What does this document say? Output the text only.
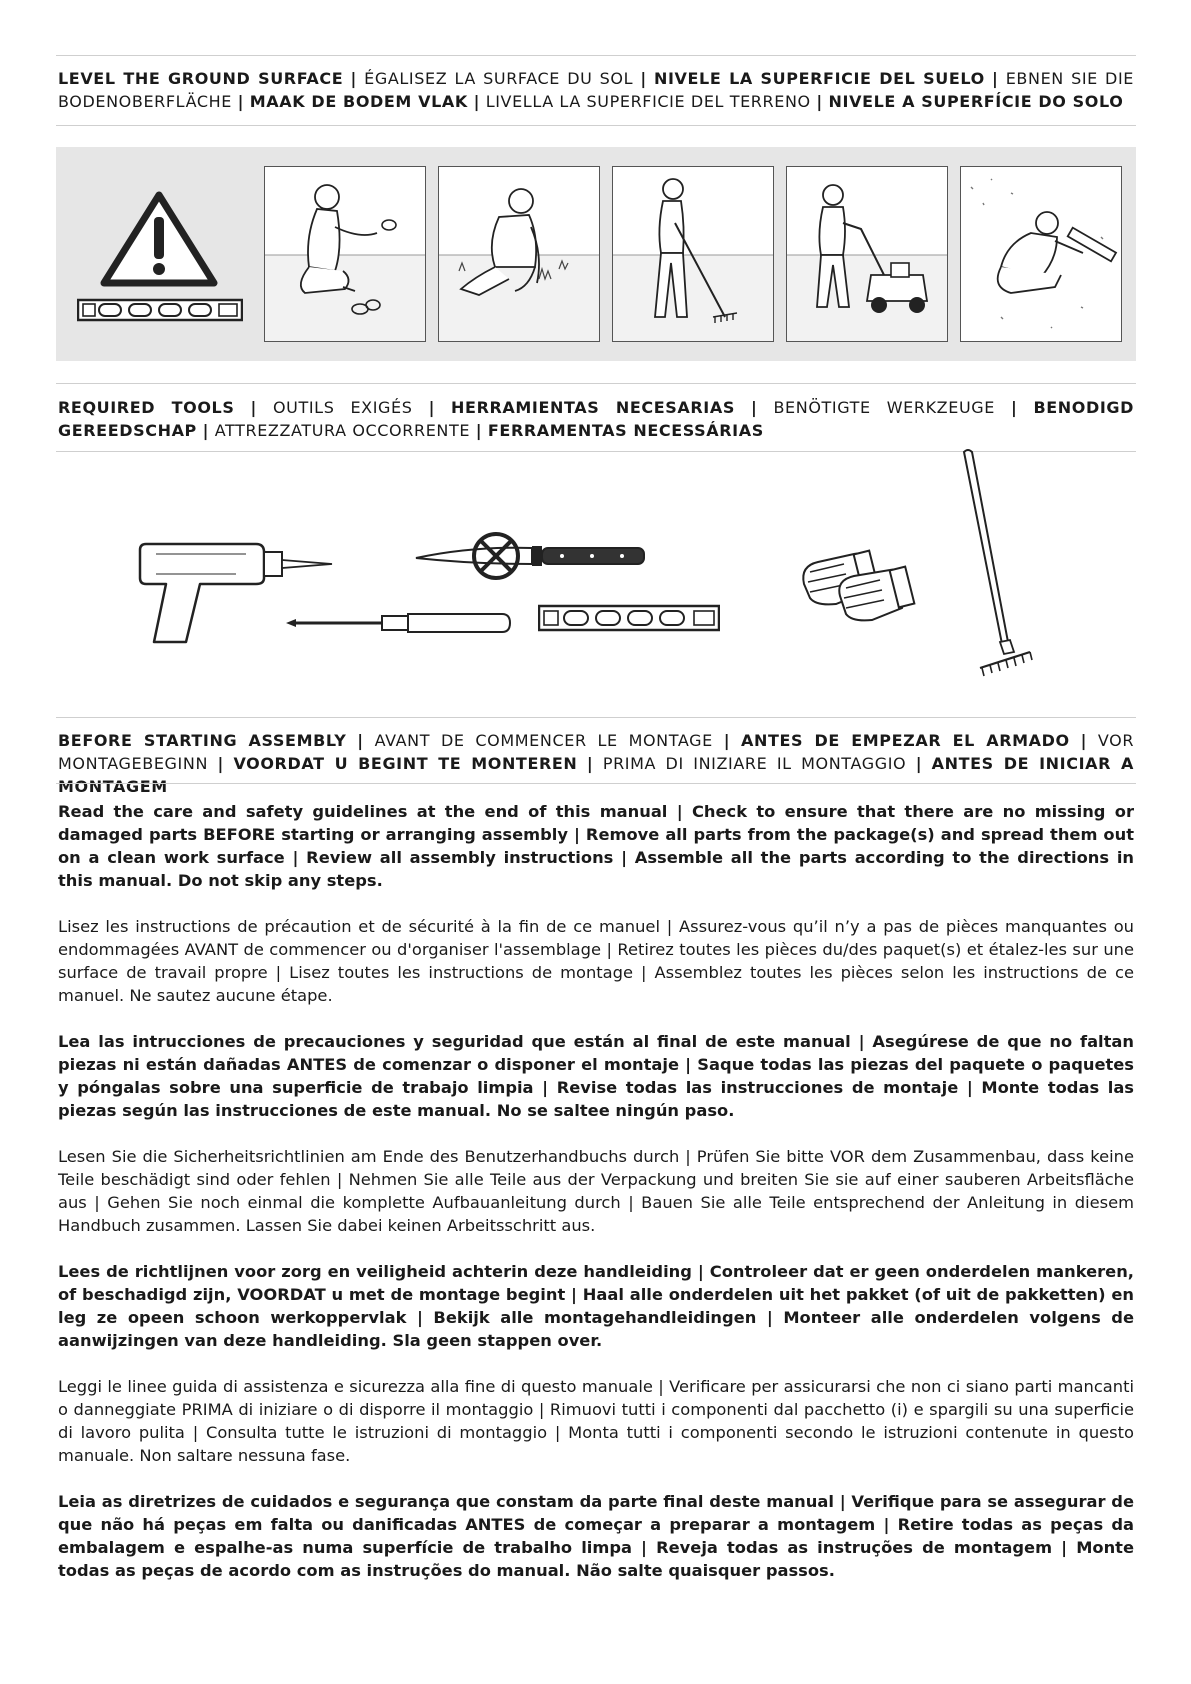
LEVEL THE GROUND SURFACE | ÉGALISEZ LA SURFACE DU SOL | NIVELE LA SUPERFICIE DEL SUELO | EBNEN SIE DIE BODENOBERFLÄCHE | MAAK DE BODEM VLAK | LIVELLA LA SUPERFICIE DEL TERRENO | NIVELE A SUPERFÍCIE DO SOLO
REQUIRED TOOLS | OUTILS EXIGÉS | HERRAMIENTAS NECESARIAS | BENÖTIGTE WERKZEUGE | BENODIGD GEREEDSCHAP | ATTREZZATURA OCCORRENTE | FERRAMENTAS NECESSÁRIAS
BEFORE STARTING ASSEMBLY | AVANT DE COMMENCER LE MONTAGE | ANTES DE EMPEZAR EL ARMADO | VOR MONTAGEBEGINN | VOORDAT U BEGINT TE MONTEREN | PRIMA DI INIZIARE IL MONTAGGIO | ANTES DE INICIAR A MONTAGEM

Read the care and safety guidelines at the end of this manual | Check to ensure that there are no missing or damaged parts BEFORE starting or arranging assembly | Remove all parts from the package(s) and spread them out on a clean work surface | Review all assembly instructions | Assemble all the parts according to the directions in this manual. Do not skip any steps.

Lisez les instructions de précaution et de sécurité à la fin de ce manuel | Assurez-vous qu’il n’y a pas de pièces manquantes ou endommagées AVANT de commencer ou d'organiser l'assemblage | Retirez toutes les pièces du/des paquet(s) et étalez-les sur une surface de travail propre | Lisez toutes les instructions de montage | Assemblez toutes les pièces selon les instructions de ce manuel. Ne sautez aucune étape.

Lea las intrucciones de precauciones y seguridad que están al final de este manual | Asegúrese de que no faltan piezas ni están dañadas ANTES de comenzar o disponer el montaje | Saque todas las piezas del paquete o paquetes y póngalas sobre una superficie de trabajo limpia | Revise todas las instrucciones de montaje | Monte todas las piezas según las instrucciones de este manual. No se saltee ningún paso.

Lesen Sie die Sicherheitsrichtlinien am Ende des Benutzerhandbuchs durch | Prüfen Sie bitte VOR dem Zusammenbau, dass keine Teile beschädigt sind oder fehlen | Nehmen Sie alle Teile aus der Verpackung und breiten Sie sie auf einer sauberen Arbeitsfläche aus | Gehen Sie noch einmal die komplette Aufbauanleitung durch | Bauen Sie alle Teile entsprechend der Anleitung in diesem Handbuch zusammen. Lassen Sie dabei keinen Arbeitsschritt aus.

Lees de richtlijnen voor zorg en veiligheid achterin deze handleiding | Controleer dat er geen onderdelen mankeren, of beschadigd zijn, VOORDAT u met de montage begint | Haal alle onderdelen uit het pakket (of uit de pakketten) en leg ze opeen schoon werkoppervlak | Bekijk alle montagehandleidingen | Monteer alle onderdelen volgens de aanwijzingen van deze handleiding. Sla geen stappen over.

Leggi le linee guida di assistenza e sicurezza alla fine di questo manuale | Verificare per assicurarsi che non ci siano parti mancanti o danneggiate PRIMA di iniziare o di disporre il montaggio | Rimuovi tutti i componenti dal pacchetto (i) e spargili su una superficie di lavoro pulita | Consulta tutte le istruzioni di montaggio | Monta tutti i componenti secondo le istruzioni contenute in questo manuale. Non saltare nessuna fase.

Leia as diretrizes de cuidados e segurança que constam da parte final deste manual | Verifique para se assegurar de que não há peças em falta ou danificadas ANTES de começar a preparar a montagem | Retire todas as peças da embalagem e espalhe-as numa superfície de trabalho limpa | Reveja todas as instruções de montagem | Monte todas as peças de acordo com as instruções do manual. Não salte quaisquer passos.
